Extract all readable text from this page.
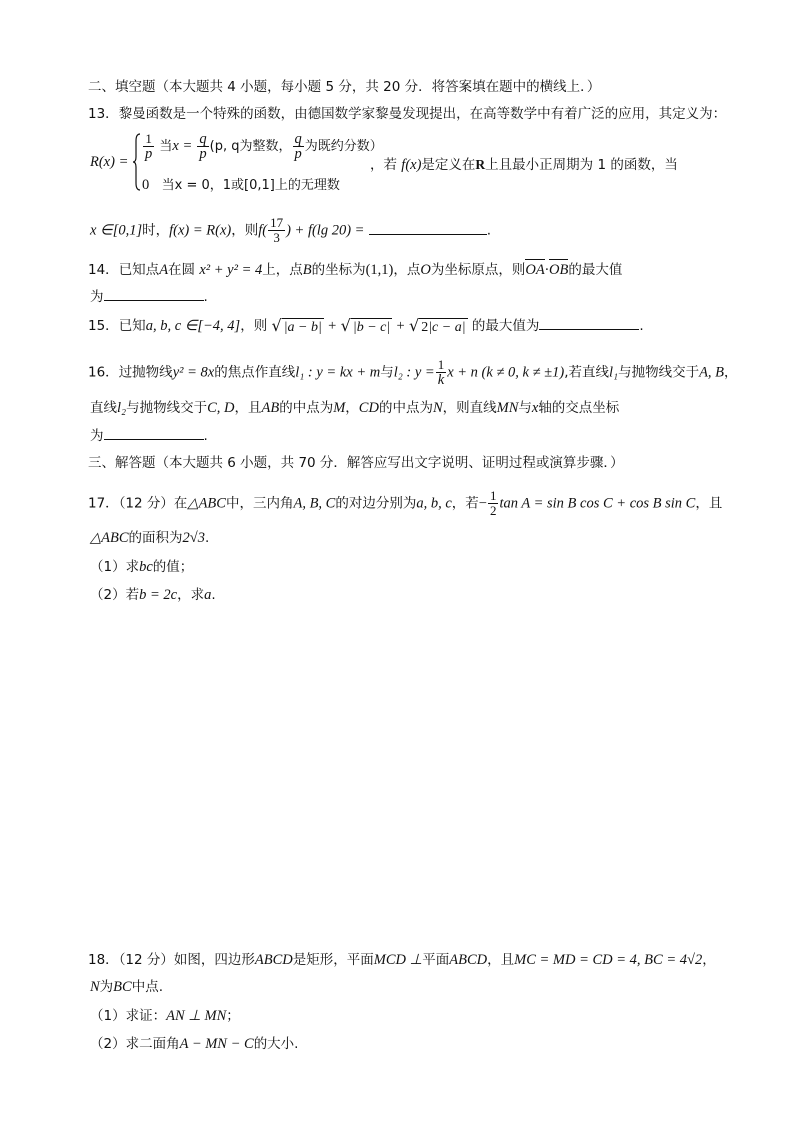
二、填空题（本大题共 4 小题，每小题 5 分，共 20 分．将答案填在题中的横线上．）
13．黎曼函数是一个特殊的函数，由德国数学家黎曼发现提出，在高等数学中有着广泛的应用，其定义为：
R(x) =
$\frac{1}{p}$ 当$x = \frac{q}{p} (p$, q为整数， $\frac{q}{p}$ 为既约分数）
0 当x = 0，1或[0,1]上的无理数
，若 f(x)是定义在R上且最小正周期为 1 的函数，当
x ∈[0,1]时，f(x) = R(x)，则$f( \frac{17}{3}$ ) + f(lg 20) =	.
14．已知点A在圆 x² + y² = 4上，点B的坐标为(1,1)，点O为坐标原点，则OA·OB的最大值
为	.
15．已知a, b, c ∈[−4, 4]，则 √ |a − b| + √ |b − c| + √ 2|c − a| 的最大值为	.
16．过抛物线y² = 8x的焦点作直线l₁ : y = kx + m与l₂ : $y = \frac{1}{k}$ x + n (k ≠ 0, k ≠ ±1),若直线l₁与抛物线交于A, B，
直线l₂与抛物线交于C, D，且AB的中点为M，CD的中点为N，则直线MN与x轴的交点坐标
为	.
三、解答题（本大题共 6 小题，共 70 分．解答应写出文字说明、证明过程或演算步骤．）
17．（12 分）在△ABC中，三内角A, B, C的对边分别为a, b, c，若− $\frac{1}{2}$ tan A = sin B cos C + cos B sin C，且
△ABC的面积为2√3.
（1）求bc的值；
（2）若b = 2c，求a.
18．（12 分）如图，四边形ABCD是矩形，平面MCD ⊥平面ABCD，且MC = MD = CD = 4, BC = 4√2，
N为BC中点.
（1）求证：AN ⊥ MN；
（2）求二面角A − MN − C的大小.
